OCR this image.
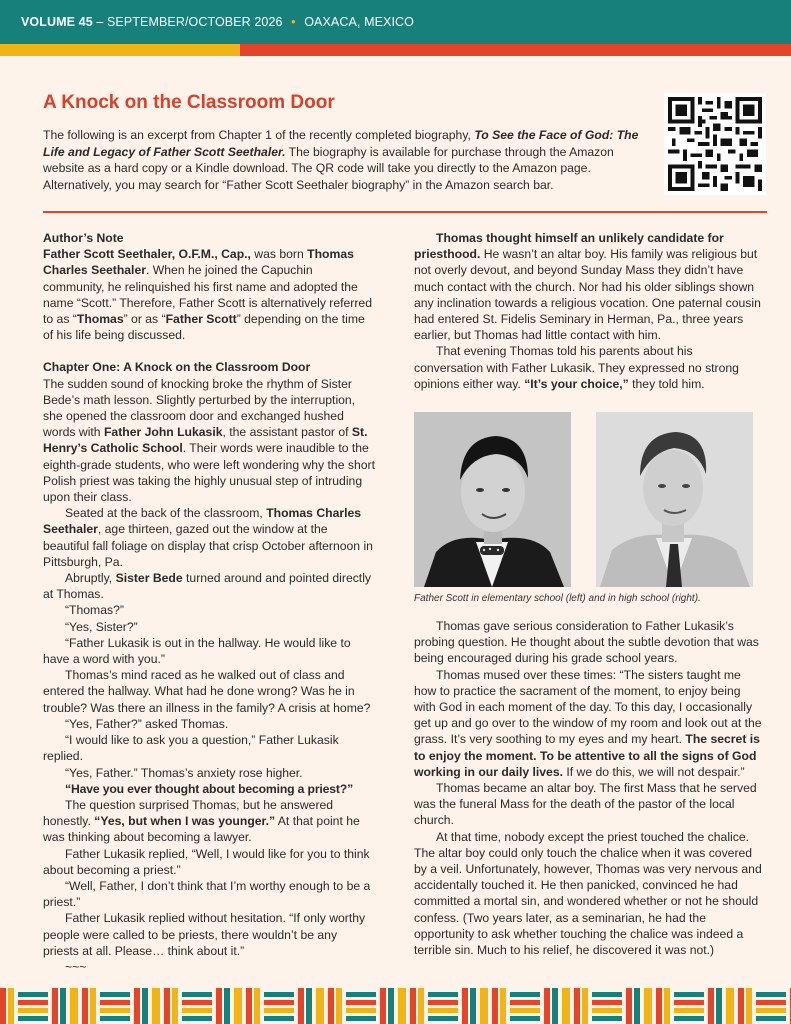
VOLUME 45 – SEPTEMBER/OCTOBER 2026 • OAXACA, MEXICO
A Knock on the Classroom Door

The following is an excerpt from Chapter 1 of the recently completed biography, To See the Face of God: The Life and Legacy of Father Scott Seethaler. The biography is available for purchase through the Amazon website as a hard copy or a Kindle download. The QR code will take you directly to the Amazon page. Alternatively, you may search for “Father Scott Seethaler biography” in the Amazon search bar.

Author’s Note

Father Scott Seethaler, O.F.M., Cap., was born Thomas Charles Seethaler. When he joined the Capuchin community, he relinquished his first name and adopted the name “Scott.” Therefore, Father Scott is alternatively referred to as “Thomas” or as “Father Scott” depending on the time of his life being discussed.

Chapter One: A Knock on the Classroom Door

The sudden sound of knocking broke the rhythm of Sister Bede’s math lesson. Slightly perturbed by the interruption, she opened the classroom door and exchanged hushed words with Father John Lukasik, the assistant pastor of St. Henry’s Catholic School. Their words were inaudible to the eighth-grade students, who were left wondering why the short Polish priest was taking the highly unusual step of intruding upon their class.

Seated at the back of the classroom, Thomas Charles Seethaler, age thirteen, gazed out the window at the beautiful fall foliage on display that crisp October afternoon in Pittsburgh, Pa.

Abruptly, Sister Bede turned around and pointed directly at Thomas.

“Thomas?”

“Yes, Sister?”

“Father Lukasik is out in the hallway. He would like to have a word with you.”

Thomas’s mind raced as he walked out of class and entered the hallway. What had he done wrong? Was he in trouble? Was there an illness in the family? A crisis at home?

“Yes, Father?” asked Thomas.

“I would like to ask you a question,” Father Lukasik replied.

“Yes, Father.” Thomas’s anxiety rose higher.

“Have you ever thought about becoming a priest?”

The question surprised Thomas, but he answered honestly. “Yes, but when I was younger.” At that point he was thinking about becoming a lawyer.

Father Lukasik replied, “Well, I would like for you to think about becoming a priest.”

“Well, Father, I don’t think that I’m worthy enough to be a priest.”

Father Lukasik replied without hesitation. “If only worthy people were called to be priests, there wouldn’t be any priests at all. Please… think about it.”

~~~

Thomas thought himself an unlikely candidate for priesthood. He wasn’t an altar boy. His family was religious but not overly devout, and beyond Sunday Mass they didn’t have much contact with the church. Nor had his older siblings shown any inclination towards a religious vocation. One paternal cousin had entered St. Fidelis Seminary in Herman, Pa., three years earlier, but Thomas had little contact with him.

That evening Thomas told his parents about his conversation with Father Lukasik. They expressed no strong opinions either way. “It’s your choice,” they told him.

Father Scott in elementary school (left) and in high school (right).

Thomas gave serious consideration to Father Lukasik’s probing question. He thought about the subtle devotion that was being encouraged during his grade school years.

Thomas mused over these times: “The sisters taught me how to practice the sacrament of the moment, to enjoy being with God in each moment of the day. To this day, I occasionally get up and go over to the window of my room and look out at the grass. It’s very soothing to my eyes and my heart. The secret is to enjoy the moment. To be attentive to all the signs of God working in our daily lives. If we do this, we will not despair.”

Thomas became an altar boy. The first Mass that he served was the funeral Mass for the death of the pastor of the local church.

At that time, nobody except the priest touched the chalice. The altar boy could only touch the chalice when it was covered by a veil. Unfortunately, however, Thomas was very nervous and accidentally touched it. He then panicked, convinced he had committed a mortal sin, and wondered whether or not he should confess. (Two years later, as a seminarian, he had the opportunity to ask whether touching the chalice was indeed a terrible sin. Much to his relief, he discovered it was not.)
